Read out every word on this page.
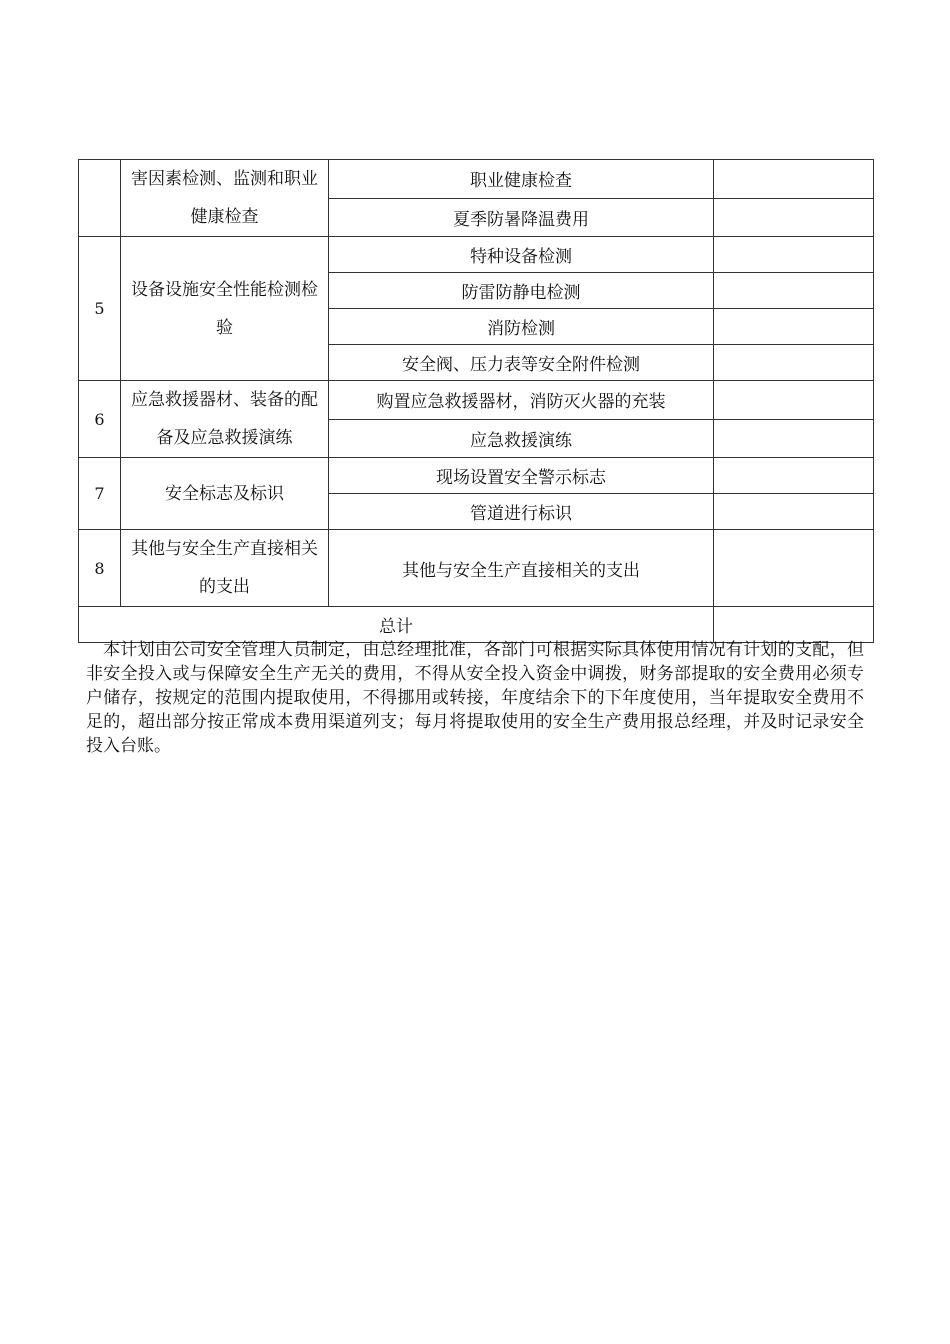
	害因素检测、监测和职业健康检查	职业健康检查	
		夏季防暑降温费用	
5	设备设施安全性能检测检验	特种设备检测	
		防雷防静电检测	
		消防检测	
		安全阀、压力表等安全附件检测	
6	应急救援器材、装备的配备及应急救援演练	购置应急救援器材，消防灭火器的充装	
		应急救援演练	
7	安全标志及标识	现场设置安全警示标志	
		管道进行标识	
8	其他与安全生产直接相关的支出	其他与安全生产直接相关的支出	
总计			

本计划由公司安全管理人员制定，由总经理批准，各部门可根据实际具体使用情况有计划的支配，但非安全投入或与保障安全生产无关的费用，不得从安全投入资金中调拨，财务部提取的安全费用必须专户储存，按规定的范围内提取使用，不得挪用或转接，年度结余下的下年度使用，当年提取安全费用不足的，超出部分按正常成本费用渠道列支；每月将提取使用的安全生产费用报总经理，并及时记录安全投入台账。
